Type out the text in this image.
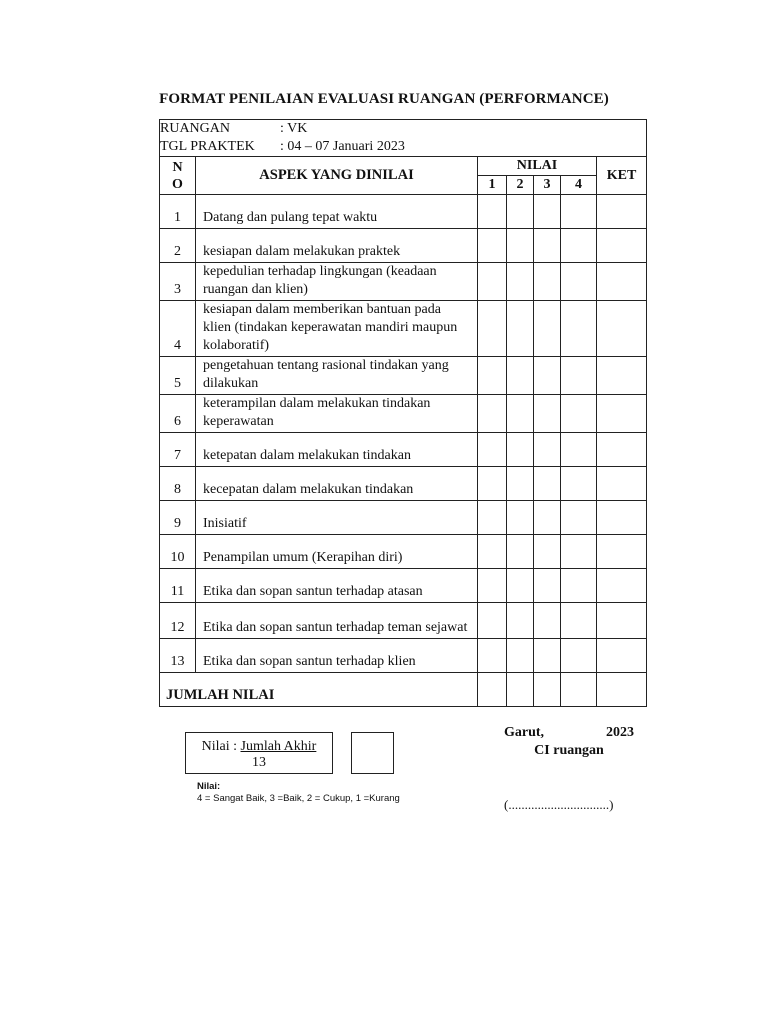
FORMAT PENILAIAN EVALUASI RUANGAN (PERFORMANCE)
RUANGAN : VK
TGL PRAKTEK : 04 – 07 Januari 2023						

N
O	ASPEK YANG DINILAI	NILAI				KET
		1	2	3	4	
1	Datang dan pulang tepat waktu					
2	kesiapan dalam melakukan praktek					
3	kepedulian terhadap lingkungan (keadaan ruangan dan klien)					
4	kesiapan dalam memberikan bantuan pada klien (tindakan keperawatan mandiri maupun kolaboratif)					
5	pengetahuan tentang rasional tindakan yang dilakukan					
6	keterampilan dalam melakukan tindakan keperawatan					
7	ketepatan dalam melakukan tindakan					
8	kecepatan dalam melakukan tindakan					
9	Inisiatif					
10	Penampilan umum (Kerapihan diri)					
11	Etika dan sopan santun terhadap atasan					
12	Etika dan sopan santun terhadap teman sejawat					
13	Etika dan sopan santun terhadap klien					
JUMLAH NILAI						
Nilai : Jumlah Akhir
13
Nilai:
4 = Sangat Baik, 3 =Baik, 2 = Cukup, 1 =Kurang
Garut,	2023
CI ruangan
(...............................)
